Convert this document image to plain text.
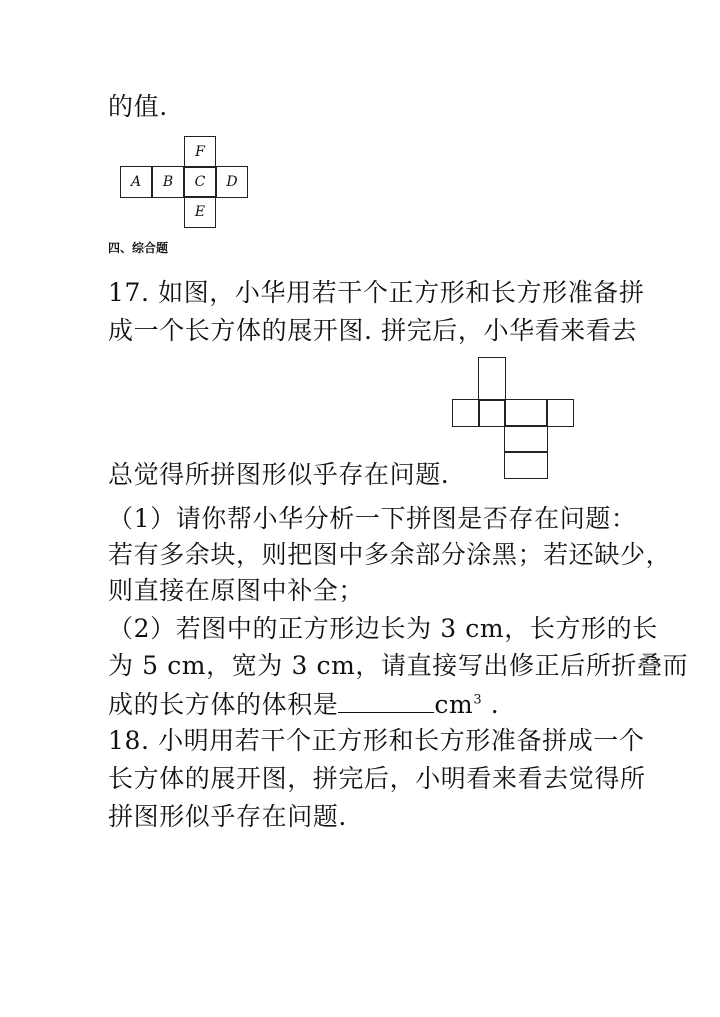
的值.
F
A	B	C	D
E
四、综合题
17. 如图，小华用若干个正方形和长方形准备拼
成一个长方体的展开图. 拼完后，小华看来看去
总觉得所拼图形似乎存在问题.
（1）请你帮小华分析一下拼图是否存在问题：
若有多余块，则把图中多余部分涂黑；若还缺少，
则直接在原图中补全；
（2）若图中的正方形边长为 3 cm，长方形的长
为 5 cm，宽为 3 cm，请直接写出修正后所折叠而
成的长方体的体积是	$cm^3$ .
18. 小明用若干个正方形和长方形准备拼成一个
长方体的展开图，拼完后，小明看来看去觉得所
拼图形似乎存在问题.
